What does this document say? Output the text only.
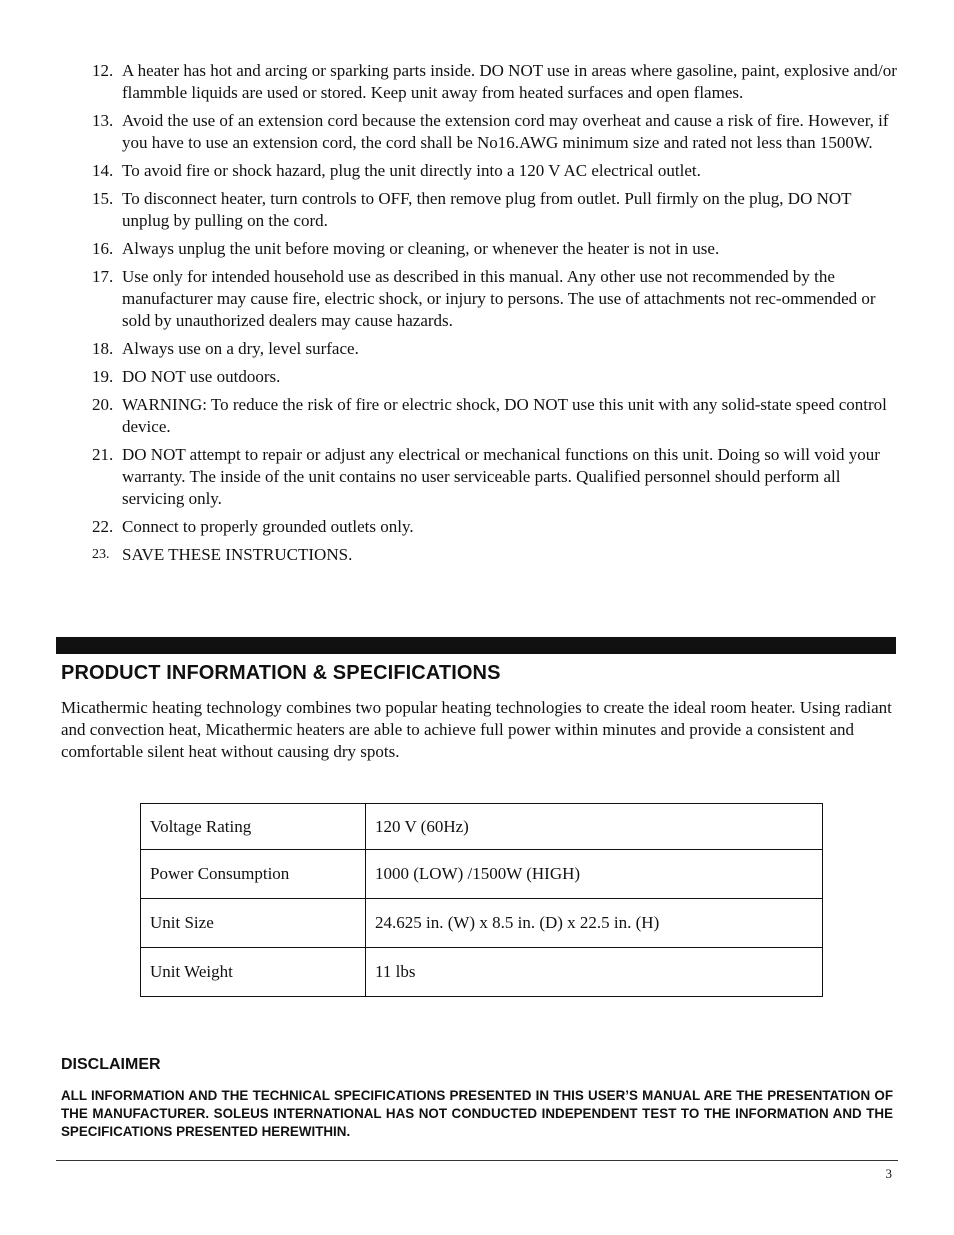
12. A heater has hot and arcing or sparking parts inside. DO NOT use in areas where gasoline, paint, explosive and/or flammble liquids are used or stored. Keep unit away from heated surfaces and open flames.
13. Avoid the use of an extension cord because the extension cord may overheat and cause a risk of fire. However, if you have to use an extension cord, the cord shall be No16.AWG minimum size and rated not less than 1500W.
14. To avoid fire or shock hazard, plug the unit directly into a 120 V AC electrical outlet.
15. To disconnect heater, turn controls to OFF, then remove plug from outlet. Pull firmly on the plug, DO NOT unplug by pulling on the cord.
16. Always unplug the unit before moving or cleaning, or whenever the heater is not in use.
17. Use only for intended household use as described in this manual. Any other use not recommended by the manufacturer may cause fire, electric shock, or injury to persons. The use of attachments not rec-ommended or sold by unauthorized dealers may cause hazards.
18. Always use on a dry, level surface.
19. DO NOT use outdoors.
20. WARNING: To reduce the risk of fire or electric shock, DO NOT use this unit with any solid-state speed control device.
21. DO NOT attempt to repair or adjust any electrical or mechanical functions on this unit. Doing so will void your warranty. The inside of the unit contains no user serviceable parts. Qualified personnel should perform all servicing only.
22. Connect to properly grounded outlets only.
23. SAVE THESE INSTRUCTIONS.
PRODUCT INFORMATION & SPECIFICATIONS

Micathermic heating technology combines two popular heating technologies to create the ideal room heater. Using radiant and convection heat, Micathermic heaters are able to achieve full power within minutes and provide a consistent and comfortable silent heat without causing dry spots.

Voltage Rating	120 V (60Hz)
Power Consumption	1000 (LOW) /1500W (HIGH)
Unit Size	24.625 in. (W) x 8.5 in. (D) x 22.5 in. (H)
Unit Weight	11 lbs
DISCLAIMER

ALL INFORMATION AND THE TECHNICAL SPECIFICATIONS PRESENTED IN THIS USER’S MANUAL ARE THE PRESENTATION OF THE MANUFACTURER. SOLEUS INTERNATIONAL HAS NOT CONDUCTED INDEPENDENT TEST TO THE INFORMATION AND THE SPECIFICATIONS PRESENTED HEREWITHIN.

3
